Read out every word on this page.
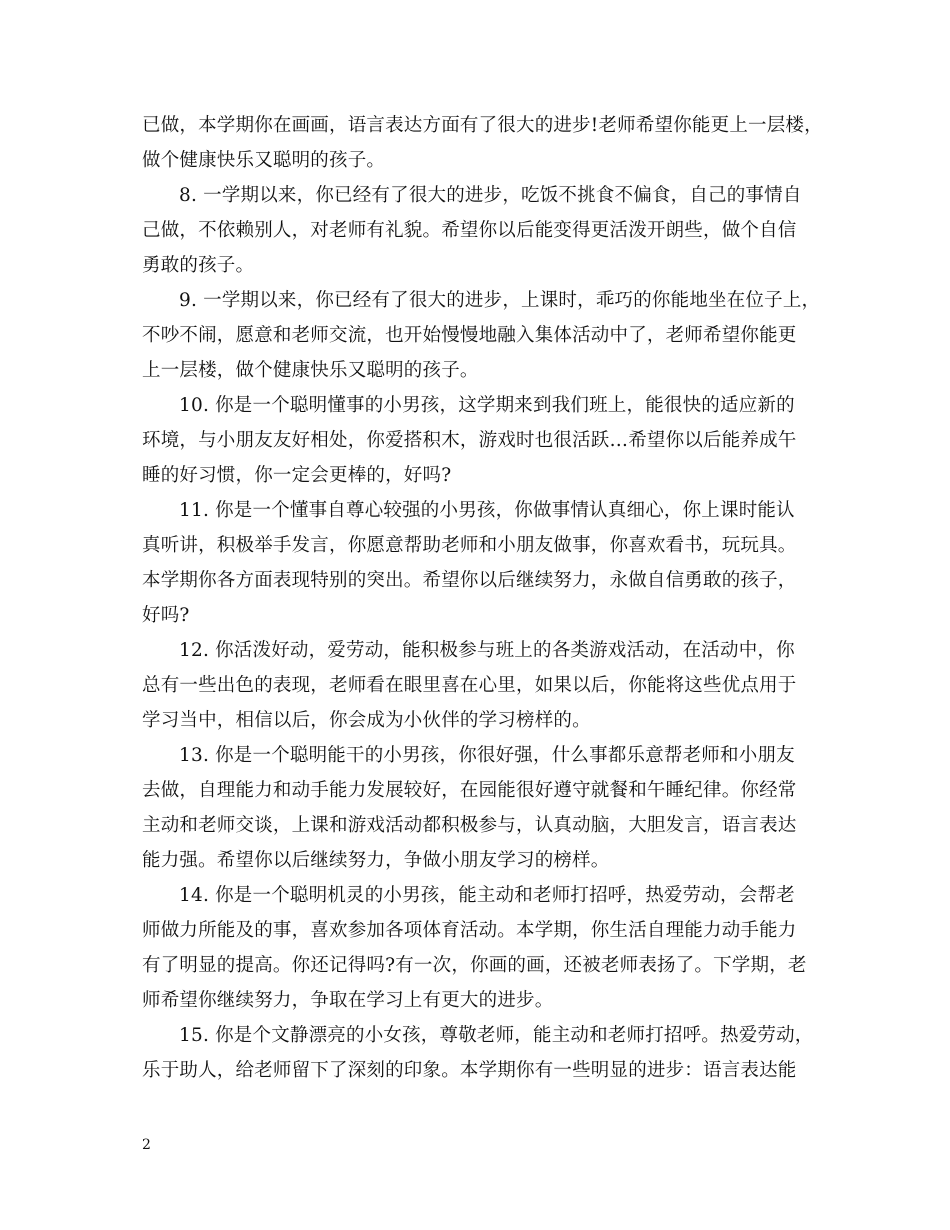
已做，本学期你在画画，语言表达方面有了很大的进步!老师希望你能更上一层楼，
做个健康快乐又聪明的孩子。
8. 一学期以来，你已经有了很大的进步，吃饭不挑食不偏食，自己的事情自
己做，不依赖别人，对老师有礼貌。希望你以后能变得更活泼开朗些，做个自信
勇敢的孩子。
9. 一学期以来，你已经有了很大的进步，上课时，乖巧的你能地坐在位子上，
不吵不闹，愿意和老师交流，也开始慢慢地融入集体活动中了，老师希望你能更
上一层楼，做个健康快乐又聪明的孩子。
10. 你是一个聪明懂事的小男孩，这学期来到我们班上，能很快的适应新的
环境，与小朋友友好相处，你爱搭积木，游戏时也很活跃…希望你以后能养成午
睡的好习惯，你一定会更棒的，好吗?
11. 你是一个懂事自尊心较强的小男孩，你做事情认真细心，你上课时能认
真听讲，积极举手发言，你愿意帮助老师和小朋友做事，你喜欢看书，玩玩具。
本学期你各方面表现特别的突出。希望你以后继续努力，永做自信勇敢的孩子，
好吗?
12. 你活泼好动，爱劳动，能积极参与班上的各类游戏活动，在活动中，你
总有一些出色的表现，老师看在眼里喜在心里，如果以后，你能将这些优点用于
学习当中，相信以后，你会成为小伙伴的学习榜样的。
13. 你是一个聪明能干的小男孩，你很好强，什么事都乐意帮老师和小朋友
去做，自理能力和动手能力发展较好，在园能很好遵守就餐和午睡纪律。你经常
主动和老师交谈，上课和游戏活动都积极参与，认真动脑，大胆发言，语言表达
能力强。希望你以后继续努力，争做小朋友学习的榜样。
14. 你是一个聪明机灵的小男孩，能主动和老师打招呼，热爱劳动，会帮老
师做力所能及的事，喜欢参加各项体育活动。本学期，你生活自理能力动手能力
有了明显的提高。你还记得吗?有一次，你画的画，还被老师表扬了。下学期，老
师希望你继续努力，争取在学习上有更大的进步。
15. 你是个文静漂亮的小女孩，尊敬老师，能主动和老师打招呼。热爱劳动，
乐于助人，给老师留下了深刻的印象。本学期你有一些明显的进步：语言表达能
2
